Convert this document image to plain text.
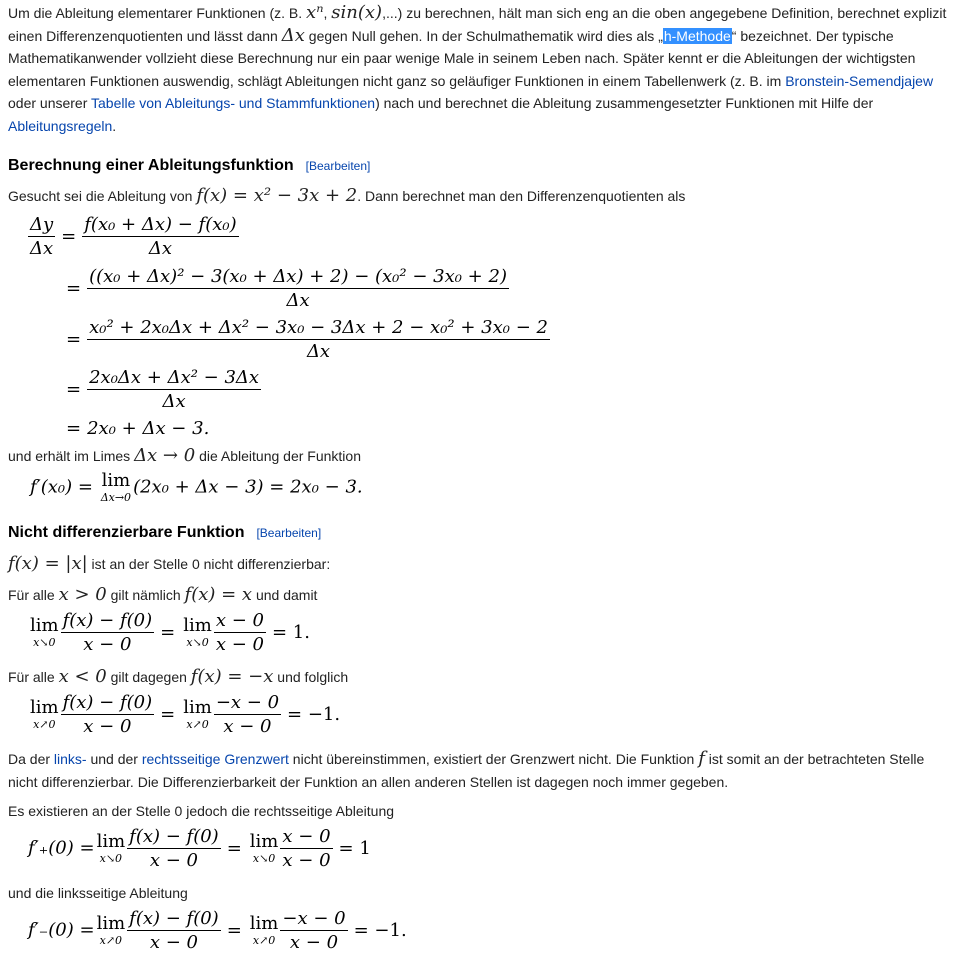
Um die Ableitung elementarer Funktionen (z. B. xⁿ, sin(x),...) zu berechnen, hält man sich eng an die oben angegebene Definition, berechnet explizit einen Differenzenquotienten und lässt dann Δx gegen Null gehen. In der Schulmathematik wird dies als „h-Methode“ bezeichnet. Der typische Mathematikanwender vollzieht diese Berechnung nur ein paar wenige Male in seinem Leben nach. Später kennt er die Ableitungen der wichtigsten elementaren Funktionen auswendig, schlägt Ableitungen nicht ganz so geläufiger Funktionen in einem Tabellenwerk (z. B. im Bronstein-Semendjajew oder unserer Tabelle von Ableitungs- und Stammfunktionen) nach und berechnet die Ableitung zusammengesetzter Funktionen mit Hilfe der Ableitungsregeln.

Berechnung einer Ableitungsfunktion [Bearbeiten]
Gesucht sei die Ableitung von f(x) = x² − 3x + 2. Dann berechnet man den Differenzenquotienten als
$\frac{\Delta y}{\Delta x} = \frac{\text{f(x₀ + Δx) − f(x₀)}}{\Delta x}$
= $\frac{\text{((x₀ + Δx)² − 3(x₀ + Δx) + 2) − (x₀² − 3x₀ + 2)}}{\Delta x}$
= $\frac{\text{x₀² + 2x₀Δx + Δx² − 3x₀ − 3Δx + 2 − x₀² + 3x₀ − 2}}{\Delta x}$
= $\frac{\text{2x₀Δx + Δx² − 3Δx}}{\Delta x}$
= 2x₀ + Δx − 3.
und erhält im Limes Δx → 0 die Ableitung der Funktion
f′(x₀) = lim
Δx→0 (2x₀ + Δx − 3) = 2x₀ − 3.
Nicht differenzierbare Funktion [Bearbeiten]
f(x) = |x| ist an der Stelle 0 nicht differenzierbar:
Für alle x > 0 gilt nämlich f(x) = x und damit
lim
x↘0 $\frac{f(x) - f(0)}{x - 0} = \lim$
x↘0 $\frac{x - 0}{x - 0} = 1$.
Für alle x < 0 gilt dagegen f(x) = −x und folglich
lim
x↗0 $\frac{f(x) - f(0)}{x - 0} = \lim$
x↗0 $\frac{-x - 0}{x - 0} = -1$.

Da der links- und der rechtsseitige Grenzwert nicht übereinstimmen, existiert der Grenzwert nicht. Die Funktion f ist somit an der betrachteten Stelle nicht differenzierbar. Die Differenzierbarkeit der Funktion an allen anderen Stellen ist dagegen noch immer gegeben.

Es existieren an der Stelle 0 jedoch die rechtsseitige Ableitung
f′₊(0) = lim
x↘0 $\frac{f(x) - f(0)}{x - 0} = \lim$
x↘0 $\frac{x - 0}{x - 0} = 1$
und die linksseitige Ableitung
f′₋(0) = lim
x↗0 $\frac{f(x) - f(0)}{x - 0} = \lim$
x↗0 $\frac{-x - 0}{x - 0} = -1$.
